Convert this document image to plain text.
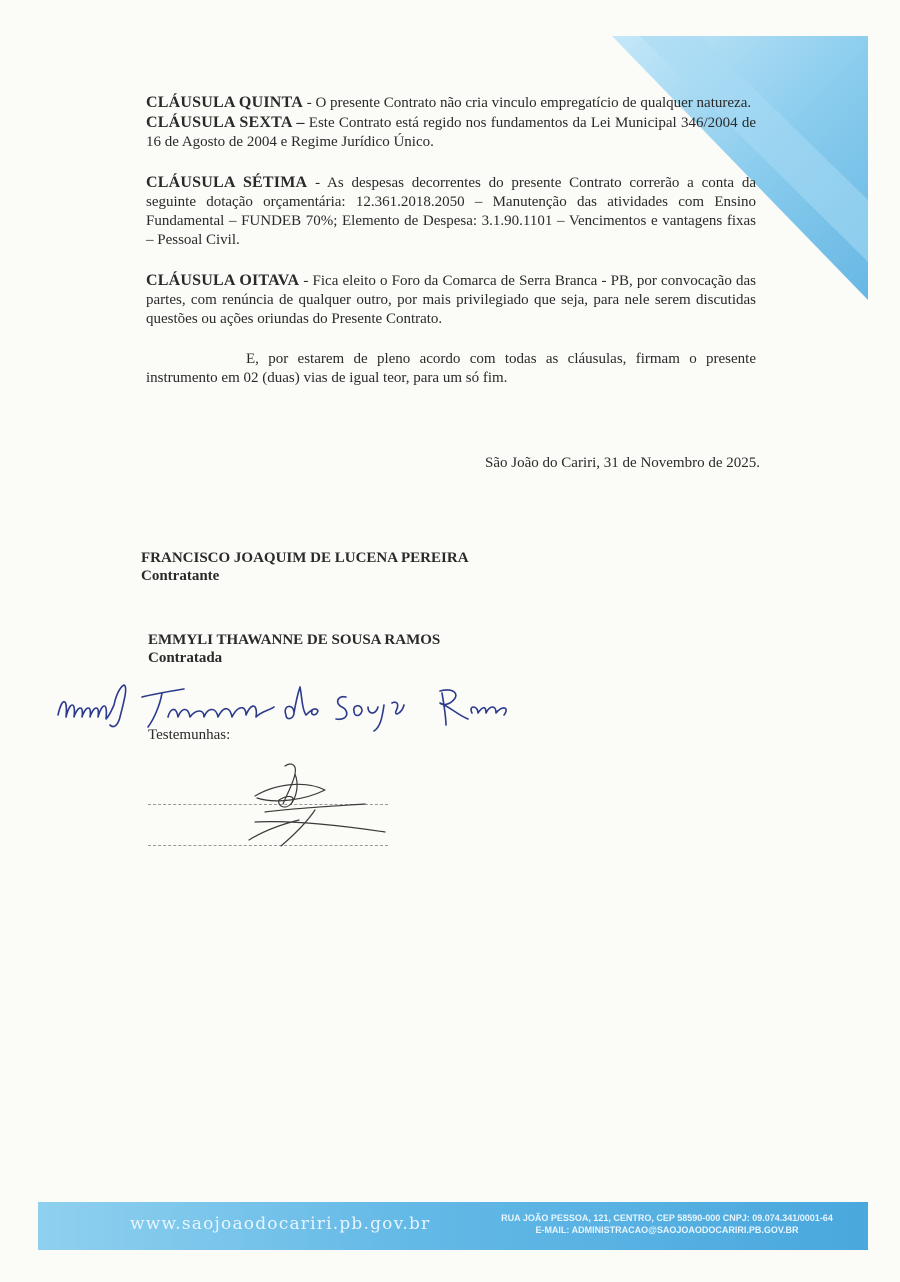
CLÁUSULA QUINTA - O presente Contrato não cria vinculo empregatício de qualquer natureza.

CLÁUSULA SEXTA – Este Contrato está regido nos fundamentos da Lei Municipal 346/2004 de 16 de Agosto de 2004 e Regime Jurídico Único.

CLÁUSULA SÉTIMA - As despesas decorrentes do presente Contrato correrão a conta da seguinte dotação orçamentária: 12.361.2018.2050 – Manutenção das atividades com Ensino Fundamental – FUNDEB 70%; Elemento de Despesa: 3.1.90.1101 – Vencimentos e vantagens fixas – Pessoal Civil.

CLÁUSULA OITAVA - Fica eleito o Foro da Comarca de Serra Branca - PB, por convocação das partes, com renúncia de qualquer outro, por mais privilegiado que seja, para nele serem discutidas questões ou ações oriundas do Presente Contrato.

E, por estarem de pleno acordo com todas as cláusulas, firmam o presente instrumento em 02 (duas) vias de igual teor, para um só fim.

São João do Cariri, 31 de Novembro de 2025.
FRANCISCO JOAQUIM DE LUCENA PEREIRA
Contratante
EMMYLI THAWANNE DE SOUSA RAMOS
Contratada
Testemunhas:
www.saojoaodocariri.pb.gov.br	RUA JOÃO PESSOA, 121, CENTRO, CEP 58590-000 CNPJ: 09.074.341/0001-64
E-MAIL: ADMINISTRACAO@SAOJOAODOCARIRI.PB.GOV.BR
